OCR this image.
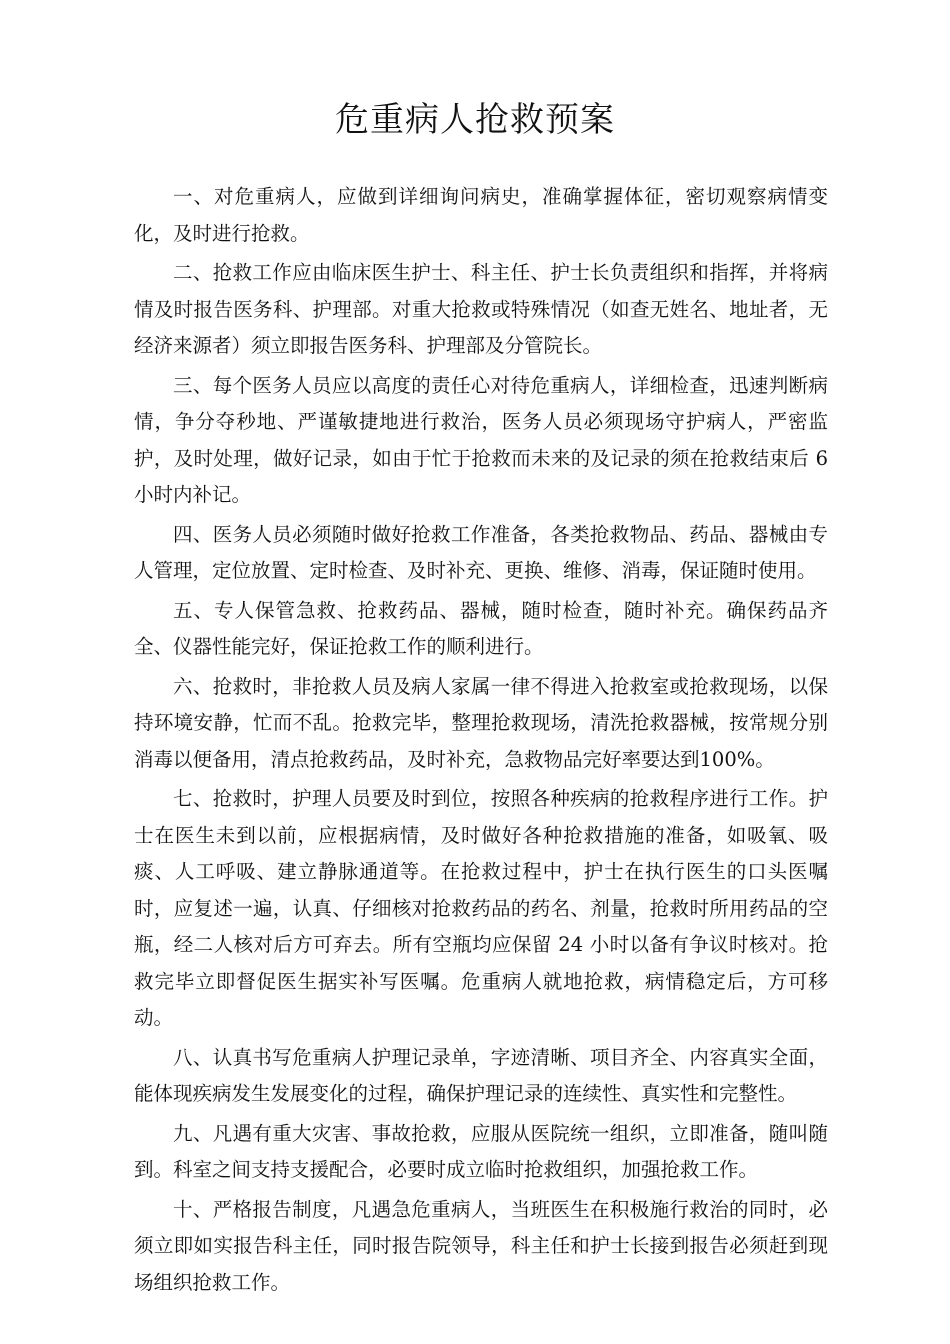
危重病人抢救预案

一、对危重病人，应做到详细询问病史，准确掌握体征，密切观察病情变化，及时进行抢救。

二、抢救工作应由临床医生护士、科主任、护士长负责组织和指挥，并将病情及时报告医务科、护理部。对重大抢救或特殊情况（如查无姓名、地址者，无经济来源者）须立即报告医务科、护理部及分管院长。

三、每个医务人员应以高度的责任心对待危重病人，详细检查，迅速判断病情，争分夺秒地、严谨敏捷地进行救治，医务人员必须现场守护病人，严密监护，及时处理，做好记录，如由于忙于抢救而未来的及记录的须在抢救结束后 6 小时内补记。

四、医务人员必须随时做好抢救工作准备，各类抢救物品、药品、器械由专人管理，定位放置、定时检查、及时补充、更换、维修、消毒，保证随时使用。

五、专人保管急救、抢救药品、器械，随时检查，随时补充。确保药品齐全、仪器性能完好，保证抢救工作的顺利进行。

六、抢救时，非抢救人员及病人家属一律不得进入抢救室或抢救现场，以保持环境安静，忙而不乱。抢救完毕，整理抢救现场，清洗抢救器械，按常规分别消毒以便备用，清点抢救药品，及时补充，急救物品完好率要达到100%。

七、抢救时，护理人员要及时到位，按照各种疾病的抢救程序进行工作。护士在医生未到以前，应根据病情，及时做好各种抢救措施的准备，如吸氧、吸痰、人工呼吸、建立静脉通道等。在抢救过程中，护士在执行医生的口头医嘱时，应复述一遍，认真、仔细核对抢救药品的药名、剂量，抢救时所用药品的空瓶，经二人核对后方可弃去。所有空瓶均应保留 24 小时以备有争议时核对。抢救完毕立即督促医生据实补写医嘱。危重病人就地抢救，病情稳定后，方可移动。

八、认真书写危重病人护理记录单，字迹清晰、项目齐全、内容真实全面，能体现疾病发生发展变化的过程，确保护理记录的连续性、真实性和完整性。

九、凡遇有重大灾害、事故抢救，应服从医院统一组织，立即准备，随叫随到。科室之间支持支援配合，必要时成立临时抢救组织，加强抢救工作。

十、严格报告制度，凡遇急危重病人，当班医生在积极施行救治的同时，必须立即如实报告科主任，同时报告院领导，科主任和护士长接到报告必须赶到现场组织抢救工作。
